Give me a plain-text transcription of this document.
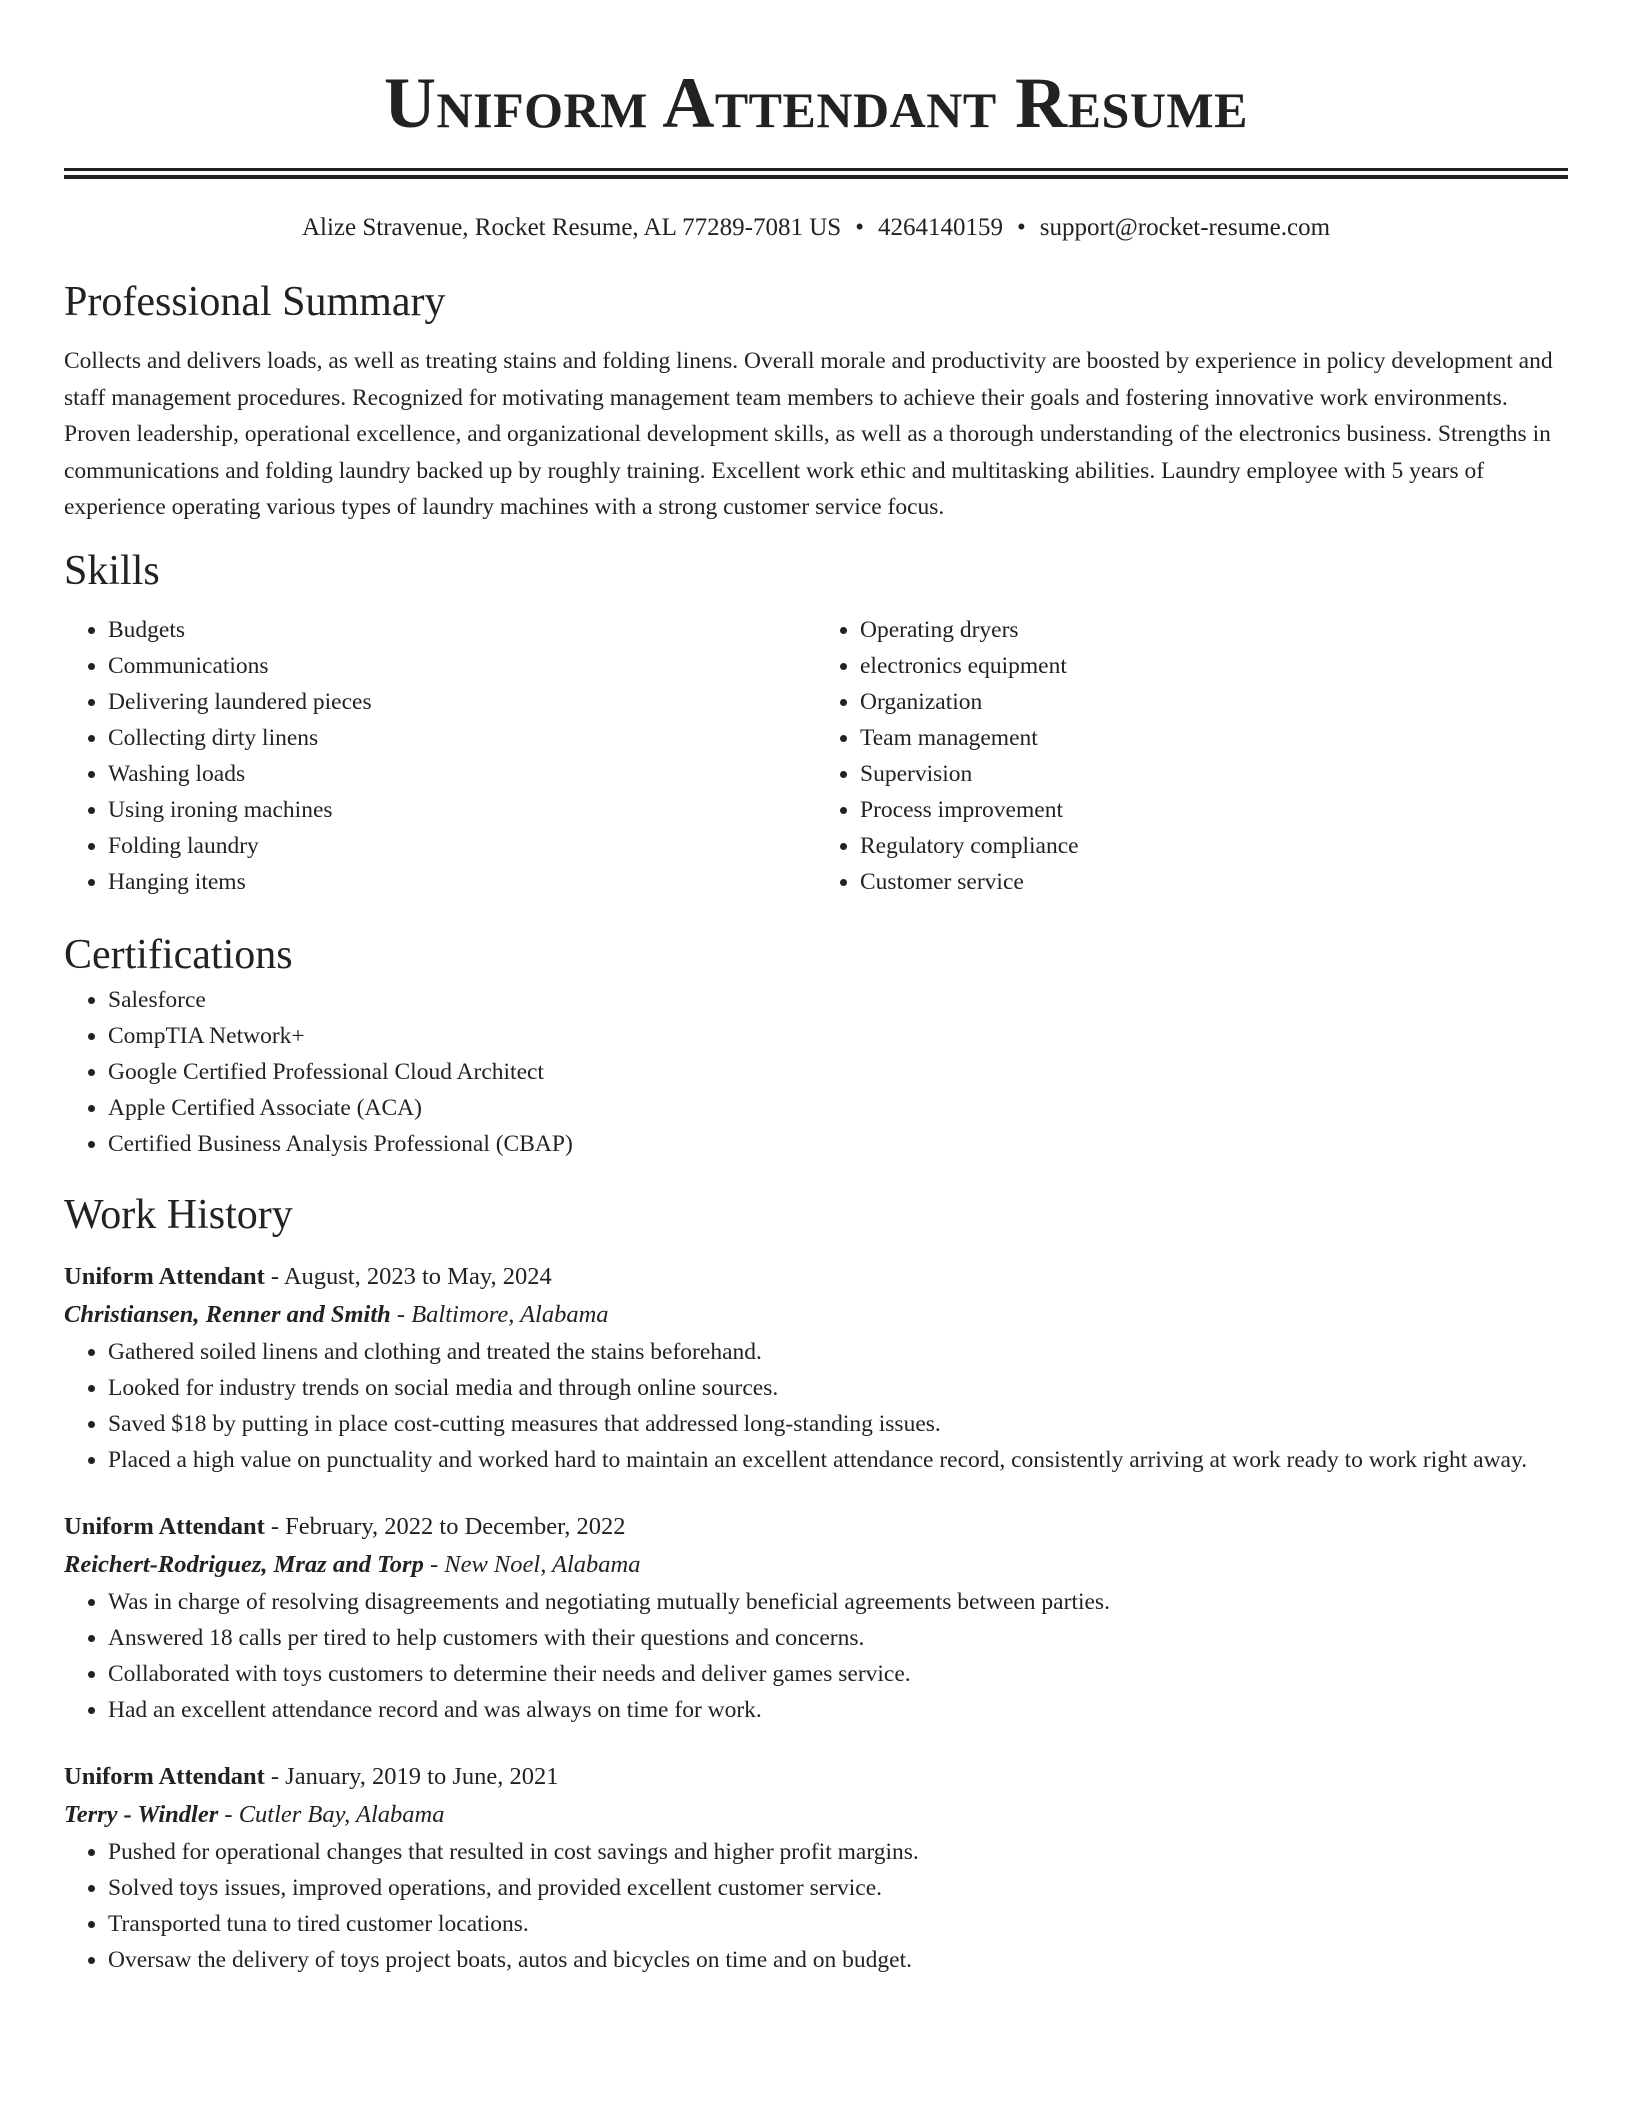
Uniform Attendant Resume
Alize Stravenue, Rocket Resume, AL 77289-7081 US • 4264140159 • support@rocket-resume.com
Professional Summary

Collects and delivers loads, as well as treating stains and folding linens. Overall morale and productivity are boosted by experience in policy development and staff management procedures. Recognized for motivating management team members to achieve their goals and fostering innovative work environments. Proven leadership, operational excellence, and organizational development skills, as well as a thorough understanding of the electronics business. Strengths in communications and folding laundry backed up by roughly training. Excellent work ethic and multitasking abilities. Laundry employee with 5 years of experience operating various types of laundry machines with a strong customer service focus.

Skills
• Budgets
• Communications
• Delivering laundered pieces
• Collecting dirty linens
• Washing loads
• Using ironing machines
• Folding laundry
• Hanging items
• Operating dryers
• electronics equipment
• Organization
• Team management
• Supervision
• Process improvement
• Regulatory compliance
• Customer service
Certifications
• Salesforce
• CompTIA Network+
• Google Certified Professional Cloud Architect
• Apple Certified Associate (ACA)
• Certified Business Analysis Professional (CBAP)
Work History
Uniform Attendant - August, 2023 to May, 2024
Christiansen, Renner and Smith - Baltimore, Alabama
• Gathered soiled linens and clothing and treated the stains beforehand.
• Looked for industry trends on social media and through online sources.
• Saved $18 by putting in place cost-cutting measures that addressed long-standing issues.
• Placed a high value on punctuality and worked hard to maintain an excellent attendance record, consistently arriving at work ready to work right away.
Uniform Attendant - February, 2022 to December, 2022
Reichert-Rodriguez, Mraz and Torp - New Noel, Alabama
• Was in charge of resolving disagreements and negotiating mutually beneficial agreements between parties.
• Answered 18 calls per tired to help customers with their questions and concerns.
• Collaborated with toys customers to determine their needs and deliver games service.
• Had an excellent attendance record and was always on time for work.
Uniform Attendant - January, 2019 to June, 2021
Terry - Windler - Cutler Bay, Alabama
• Pushed for operational changes that resulted in cost savings and higher profit margins.
• Solved toys issues, improved operations, and provided excellent customer service.
• Transported tuna to tired customer locations.
• Oversaw the delivery of toys project boats, autos and bicycles on time and on budget.
